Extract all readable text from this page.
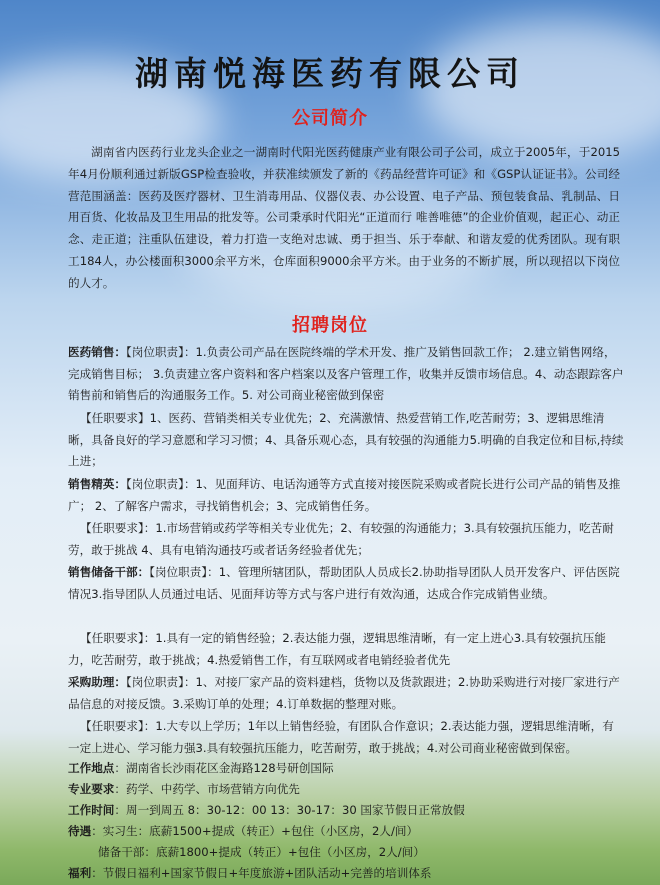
湖南悦海医药有限公司
公司简介
湖南省内医药行业龙头企业之一湖南时代阳光医药健康产业有限公司子公司，成立于2005年，于2015年4月份顺利通过新版GSP检查验收，并获准续颁发了新的《药品经营许可证》和《GSP认证证书》。公司经营范围涵盖：医药及医疗器材、卫生消毒用品、仪器仪表、办公设置、电子产品、预包装食品、乳制品、日用百货、化妆品及卫生用品的批发等。公司秉承时代阳光“正道而行 唯善唯德”的企业价值观，起正心、动正念、走正道；注重队伍建设，着力打造一支绝对忠诚、勇于担当、乐于奉献、和谐友爱的优秀团队。现有职工184人，办公楼面积3000余平方米，仓库面积9000余平方米。由于业务的不断扩展，所以现招以下岗位的人才。
招聘岗位
医药销售：【岗位职责】：1.负责公司产品在医院终端的学术开发、推广及销售回款工作； 2.建立销售网络，完成销售目标； 3.负责建立客户资料和客户档案以及客户管理工作，收集并反馈市场信息。4、动态跟踪客户销售前和销售后的沟通服务工作。5. 对公司商业秘密做到保密
【任职要求】1、医药、营销类相关专业优先；2、充满激情、热爱营销工作,吃苦耐劳；3、逻辑思维清晰，具备良好的学习意愿和学习习惯；4、具备乐观心态，具有较强的沟通能力5.明确的自我定位和目标,持续上进；
销售精英：【岗位职责】：1、见面拜访、电话沟通等方式直接对接医院采购或者院长进行公司产品的销售及推广； 2、了解客户需求，寻找销售机会；3、完成销售任务。
【任职要求】：1.市场营销或药学等相关专业优先；2、有较强的沟通能力；3.具有较强抗压能力，吃苦耐劳，敢于挑战 4、具有电销沟通技巧或者话务经验者优先；
销售储备干部：【岗位职责】：1、管理所辖团队，帮助团队人员成长2.协助指导团队人员开发客户、评估医院情况3.指导团队人员通过电话、见面拜访等方式与客户进行有效沟通，达成合作完成销售业绩。
【任职要求】：1.具有一定的销售经验；2.表达能力强，逻辑思维清晰，有一定上进心3.具有较强抗压能力，吃苦耐劳，敢于挑战；4.热爱销售工作，有互联网或者电销经验者优先
采购助理：【岗位职责】：1、对接厂家产品的资料建档，货物以及货款跟进；2.协助采购进行对接厂家进行产品信息的对接反馈。3.采购订单的处理；4.订单数据的整理对账。
【任职要求】：1.大专以上学历；1年以上销售经验，有团队合作意识；2.表达能力强，逻辑思维清晰，有一定上进心、学习能力强3.具有较强抗压能力，吃苦耐劳，敢于挑战；4.对公司商业秘密做到保密。
工作地点：湖南省长沙雨花区金海路128号研创国际
专业要求：药学、中药学、市场营销方向优先
工作时间：周一到周五 8：30-12：00 13：30-17：30 国家节假日正常放假
待遇：实习生：底薪1500+提成（转正）+包住（小区房，2人/间）
储备干部：底薪1800+提成（转正）+包住（小区房，2人/间）
福利：节假日福利+国家节假日+年度旅游+团队活动+完善的培训体系
